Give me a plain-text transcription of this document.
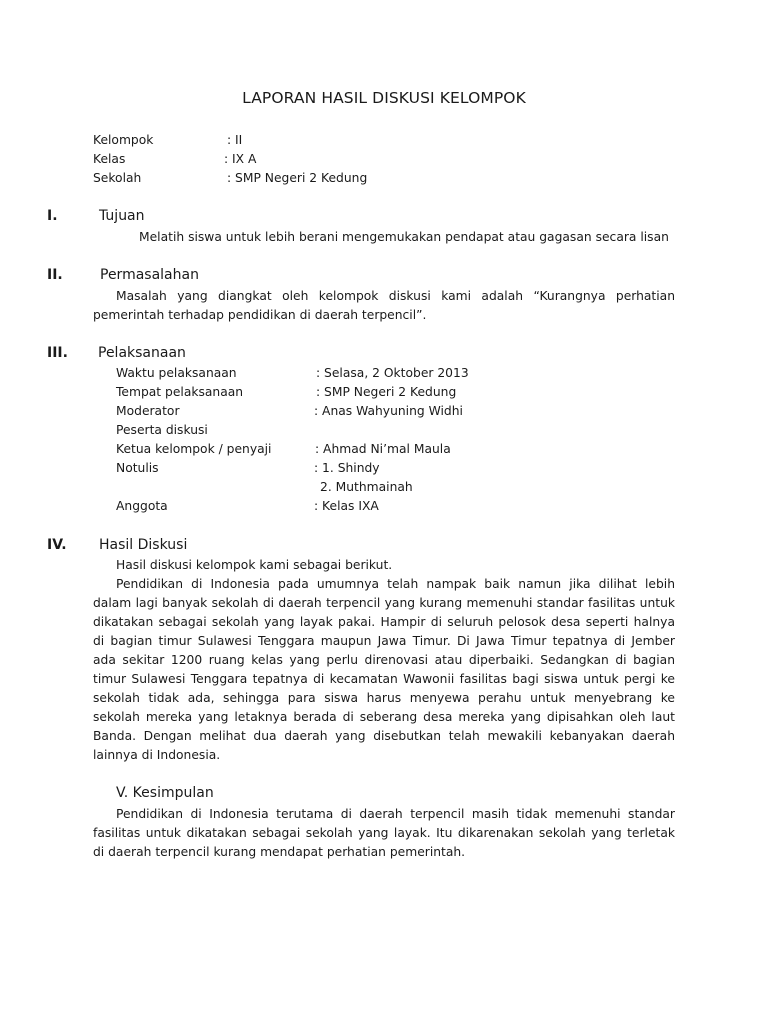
LAPORAN HASIL DISKUSI KELOMPOK
Kelompok	: II
Kelas	: IX A
Sekolah	: SMP Negeri 2 Kedung
I.	Tujuan
Melatih siswa untuk lebih berani mengemukakan pendapat atau gagasan secara lisan
II.	Permasalahan
Masalah yang diangkat oleh kelompok diskusi kami adalah “Kurangnya perhatian
pemerintah terhadap pendidikan di daerah terpencil”.
III. Pelaksanaan
Waktu pelaksanaan	: Selasa, 2 Oktober 2013
Tempat pelaksanaan	: SMP Negeri 2 Kedung
Moderator	: Anas Wahyuning Widhi
Peserta diskusi
Ketua kelompok / penyaji	: Ahmad Ni’mal Maula
Notulis	: 1. Shindy
2. Muthmainah
Anggota	: Kelas IXA
IV. Hasil Diskusi
Hasil diskusi kelompok kami sebagai berikut.
Pendidikan di Indonesia pada umumnya telah nampak baik namun jika dilihat lebih
dalam lagi banyak sekolah di daerah terpencil yang kurang memenuhi standar fasilitas untuk
dikatakan sebagai sekolah yang layak pakai. Hampir di seluruh pelosok desa seperti halnya
di bagian timur Sulawesi Tenggara maupun Jawa Timur. Di Jawa Timur tepatnya di Jember
ada sekitar 1200 ruang kelas yang perlu direnovasi atau diperbaiki. Sedangkan di bagian
timur Sulawesi Tenggara tepatnya di kecamatan Wawonii fasilitas bagi siswa untuk pergi ke
sekolah tidak ada, sehingga para siswa harus menyewa perahu untuk menyebrang ke
sekolah mereka yang letaknya berada di seberang desa mereka yang dipisahkan oleh laut
Banda. Dengan melihat dua daerah yang disebutkan telah mewakili kebanyakan daerah
lainnya di Indonesia.
V. Kesimpulan
Pendidikan di Indonesia terutama di daerah terpencil masih tidak memenuhi standar
fasilitas untuk dikatakan sebagai sekolah yang layak. Itu dikarenakan sekolah yang terletak
di daerah terpencil kurang mendapat perhatian pemerintah.
